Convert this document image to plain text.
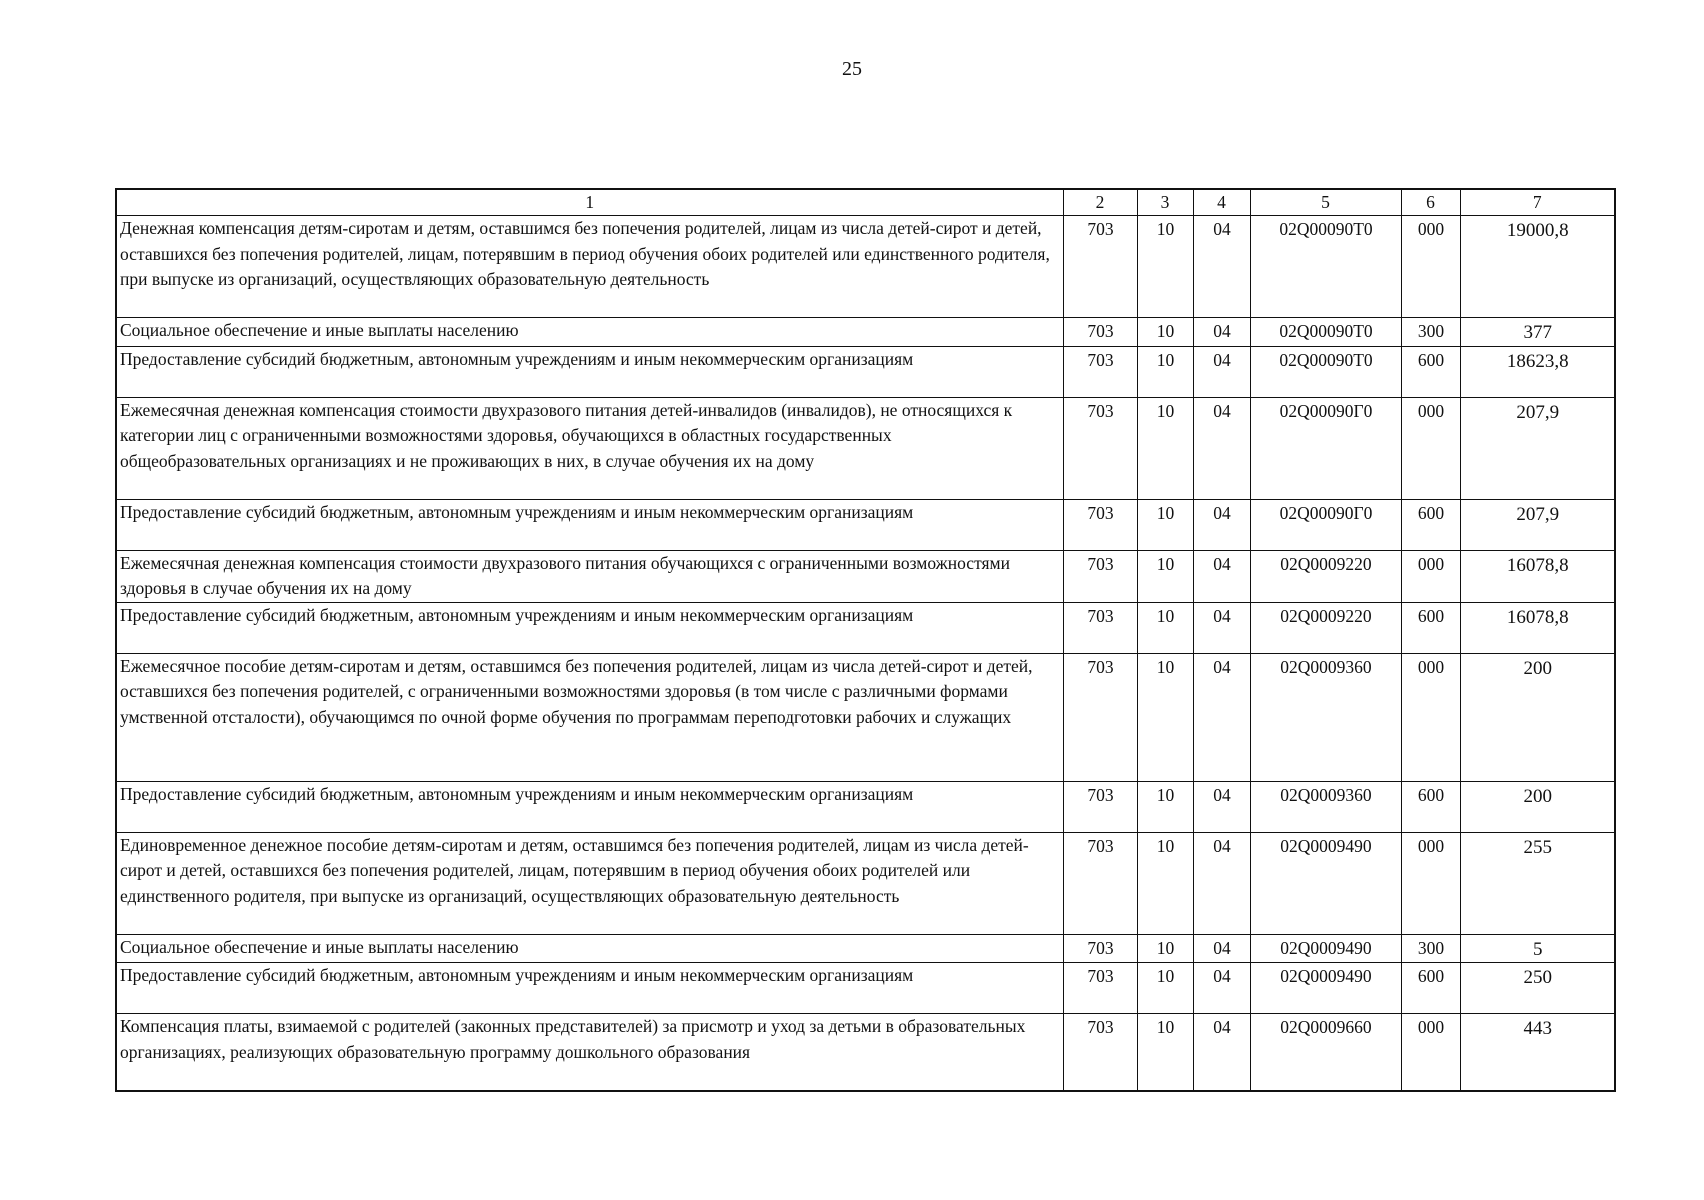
25
1	2	3	4	5	6	7
Денежная компенсация детям-сиротам и детям, оставшимся без попечения родителей, лицам из числа детей-сирот и детей, оставшихся без попечения родителей, лицам, потерявшим в период обучения обоих родителей или единственного родителя, при выпуске из организаций, осуществляющих образовательную деятельность	703	10	04	02Q00090T0	000	19000,8
Социальное обеспечение и иные выплаты населению	703	10	04	02Q00090T0	300	377
Предоставление субсидий бюджетным, автономным учреждениям и иным некоммерческим организациям	703	10	04	02Q00090T0	600	18623,8
Ежемесячная денежная компенсация стоимости двухразового питания детей-инвалидов (инвалидов), не относящихся к категории лиц с ограниченными возможностями здоровья, обучающихся в областных государственных общеобразовательных организациях и не проживающих в них, в случае обучения их на дому	703	10	04	02Q00090Г0	000	207,9
Предоставление субсидий бюджетным, автономным учреждениям и иным некоммерческим организациям	703	10	04	02Q00090Г0	600	207,9
Ежемесячная денежная компенсация стоимости двухразового питания обучающихся с ограниченными возможностями здоровья в случае обучения их на дому	703	10	04	02Q0009220	000	16078,8
Предоставление субсидий бюджетным, автономным учреждениям и иным некоммерческим организациям	703	10	04	02Q0009220	600	16078,8
Ежемесячное пособие детям-сиротам и детям, оставшимся без попечения родителей, лицам из числа детей-сирот и детей, оставшихся без попечения родителей, с ограниченными возможностями здоровья (в том числе с различными формами умственной отсталости), обучающимся по очной форме обучения по программам переподготовки рабочих и служащих	703	10	04	02Q0009360	000	200
Предоставление субсидий бюджетным, автономным учреждениям и иным некоммерческим организациям	703	10	04	02Q0009360	600	200
Единовременное денежное пособие детям-сиротам и детям, оставшимся без попечения родителей, лицам из числа детей-сирот и детей, оставшихся без попечения родителей, лицам, потерявшим в период обучения обоих родителей или единственного родителя, при выпуске из организаций, осуществляющих образовательную деятельность	703	10	04	02Q0009490	000	255
Социальное обеспечение и иные выплаты населению	703	10	04	02Q0009490	300	5
Предоставление субсидий бюджетным, автономным учреждениям и иным некоммерческим организациям	703	10	04	02Q0009490	600	250
Компенсация платы, взимаемой с родителей (законных представителей) за присмотр и уход за детьми в образовательных организациях, реализующих образовательную программу дошкольного образования	703	10	04	02Q0009660	000	443
